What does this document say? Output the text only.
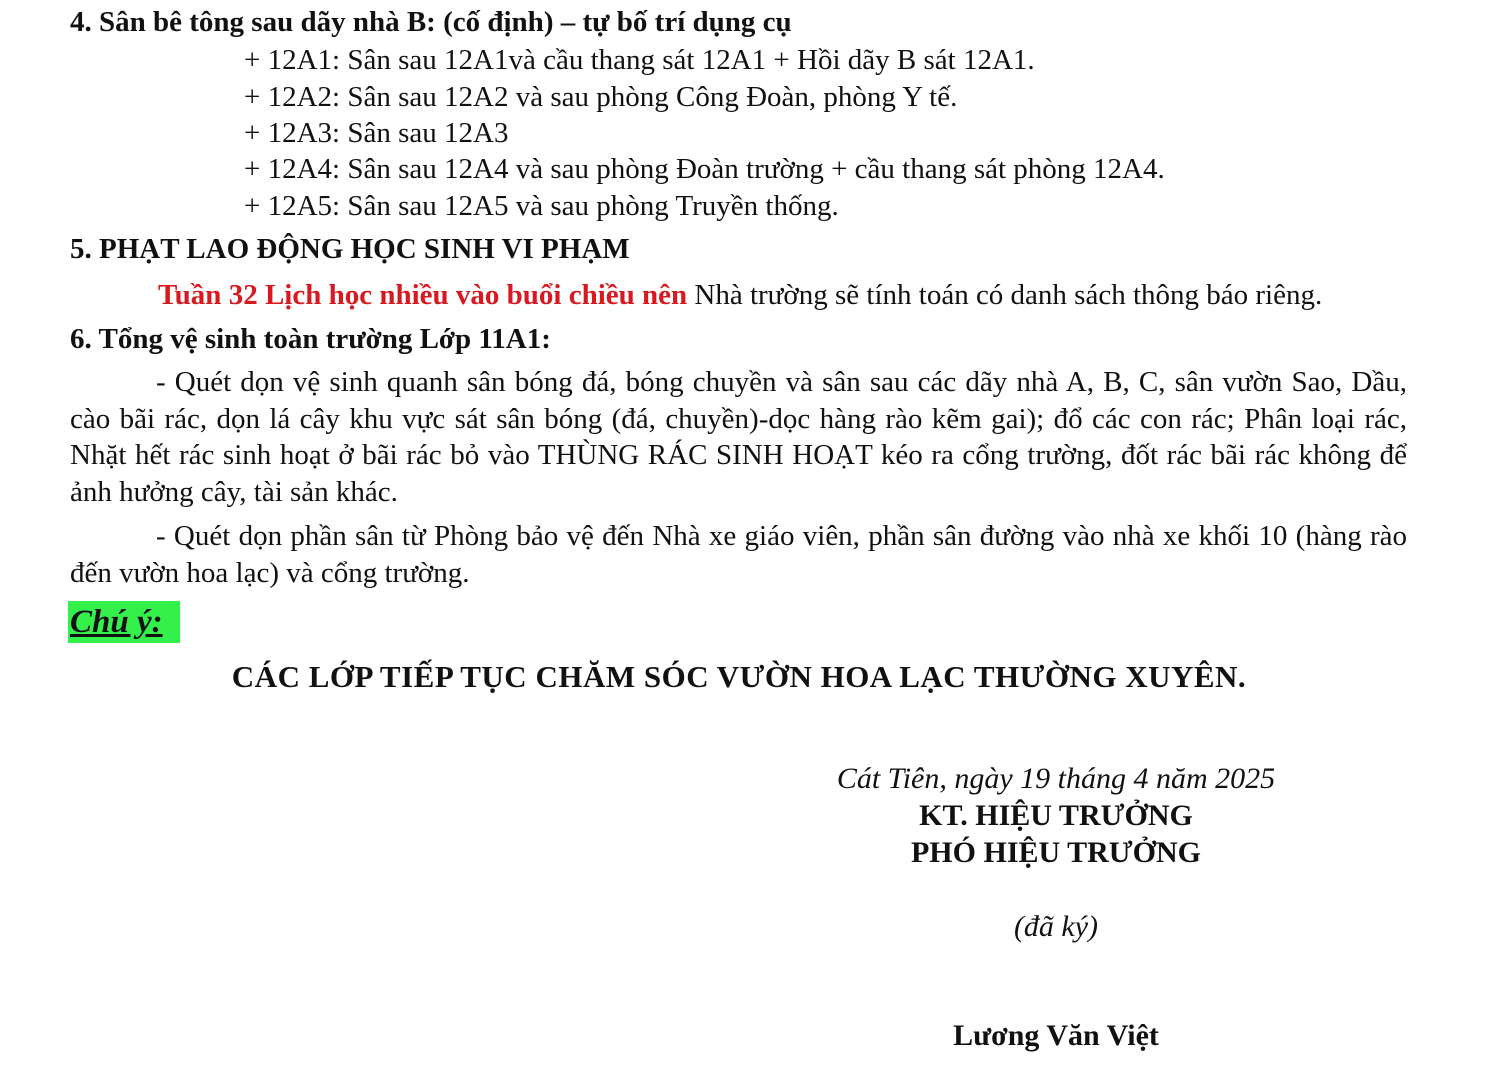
4. Sân bê tông sau dãy nhà B: (cố định) – tự bố trí dụng cụ
+ 12A1: Sân sau 12A1và cầu thang sát 12A1 + Hồi dãy B sát 12A1.
+ 12A2: Sân sau 12A2 và sau phòng Công Đoàn, phòng Y tế.
+ 12A3: Sân sau 12A3
+ 12A4: Sân sau 12A4 và sau phòng Đoàn trường + cầu thang sát phòng 12A4.
+ 12A5: Sân sau 12A5 và sau phòng Truyền thống.
5. PHẠT LAO ĐỘNG HỌC SINH VI PHẠM
Tuần 32 Lịch học nhiều vào buổi chiều nên Nhà trường sẽ tính toán có danh sách thông báo riêng.
6. Tổng vệ sinh toàn trường Lớp 11A1:
- Quét dọn vệ sinh quanh sân bóng đá, bóng chuyền và sân sau các dãy nhà A, B, C, sân vườn Sao, Dầu, cào bãi rác, dọn lá cây khu vực sát sân bóng (đá, chuyền)-dọc hàng rào kẽm gai); đổ các con rác; Phân loại rác, Nhặt hết rác sinh hoạt ở bãi rác bỏ vào THÙNG RÁC SINH HOẠT kéo ra cổng trường, đốt rác bãi rác không để ảnh hưởng cây, tài sản khác.
- Quét dọn phần sân từ Phòng bảo vệ đến Nhà xe giáo viên, phần sân đường vào nhà xe khối 10 (hàng rào đến vườn hoa lạc) và cổng trường.
Chú ý:
CÁC LỚP TIẾP TỤC CHĂM SÓC VƯỜN HOA LẠC THƯỜNG XUYÊN.
Cát Tiên, ngày 19 tháng 4 năm 2025
KT. HIỆU TRƯỞNG
PHÓ HIỆU TRƯỞNG
(đã ký)
Lương Văn Việt
